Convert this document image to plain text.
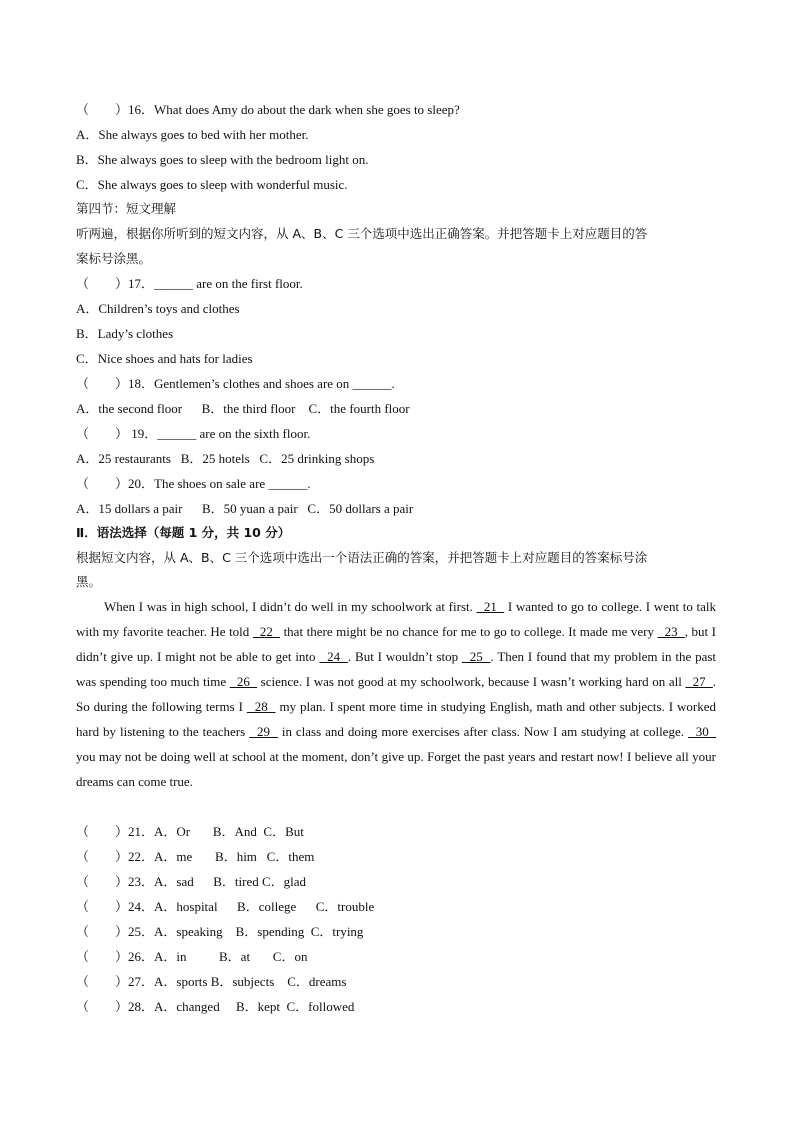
（　　）16．What does Amy do about the dark when she goes to sleep?
A．She always goes to bed with her mother.
B．She always goes to sleep with the bedroom light on.
C．She always goes to sleep with wonderful music.
第四节：短文理解
听两遍，根据你所听到的短文内容，从 A、B、C 三个选项中选出正确答案。并把答题卡上对应题目的答
案标号涂黑。
（　　）17．______ are on the first floor.
A．Children’s toys and clothes
B．Lady’s clothes
C．Nice shoes and hats for ladies
（　　）18．Gentlemen’s clothes and shoes are on ______.
A．the second floor      B．the third floor    C．the fourth floor
（　　） 19．______ are on the sixth floor.
A．25 restaurants   B．25 hotels   C．25 drinking shops
（　　）20．The shoes on sale are ______.
A．15 dollars a pair      B．50 yuan a pair   C．50 dollars a pair
Ⅱ．语法选择（每题 1 分，共 10 分）
根据短文内容，从 A、B、C 三个选项中选出一个语法正确的答案，并把答题卡上对应题目的答案标号涂
黑。
When I was in high school, I didn’t do well in my schoolwork at first.   21   I wanted to go to college. I went to talk with my favorite teacher. He told   22   that there might be no chance for me to go to college. It made me very   23  , but I didn’t give up. I might not be able to get into   24  . But I wouldn’t stop   25  . Then I found that my problem in the past was spending too much time   26   science. I was not good at my schoolwork, because I wasn’t working hard on all   27  . So during the following terms I   28   my plan. I spent more time in studying English, math and other subjects. I worked hard by listening to the teachers   29   in class and doing more exercises after class. Now I am studying at college.   30   you may not be doing well at school at the moment, don’t give up. Forget the past years and restart now! I believe all your dreams can come true.
（　　）21．A．Or       B．And  C．But
（　　）22．A．me       B．him   C．them
（　　）23．A．sad      B．tired C．glad
（　　）24．A．hospital      B．college      C．trouble
（　　）25．A．speaking    B．spending  C．trying
（　　）26．A．in          B．at       C．on
（　　）27．A．sports B．subjects    C．dreams
（　　）28．A．changed     B．kept  C．followed
